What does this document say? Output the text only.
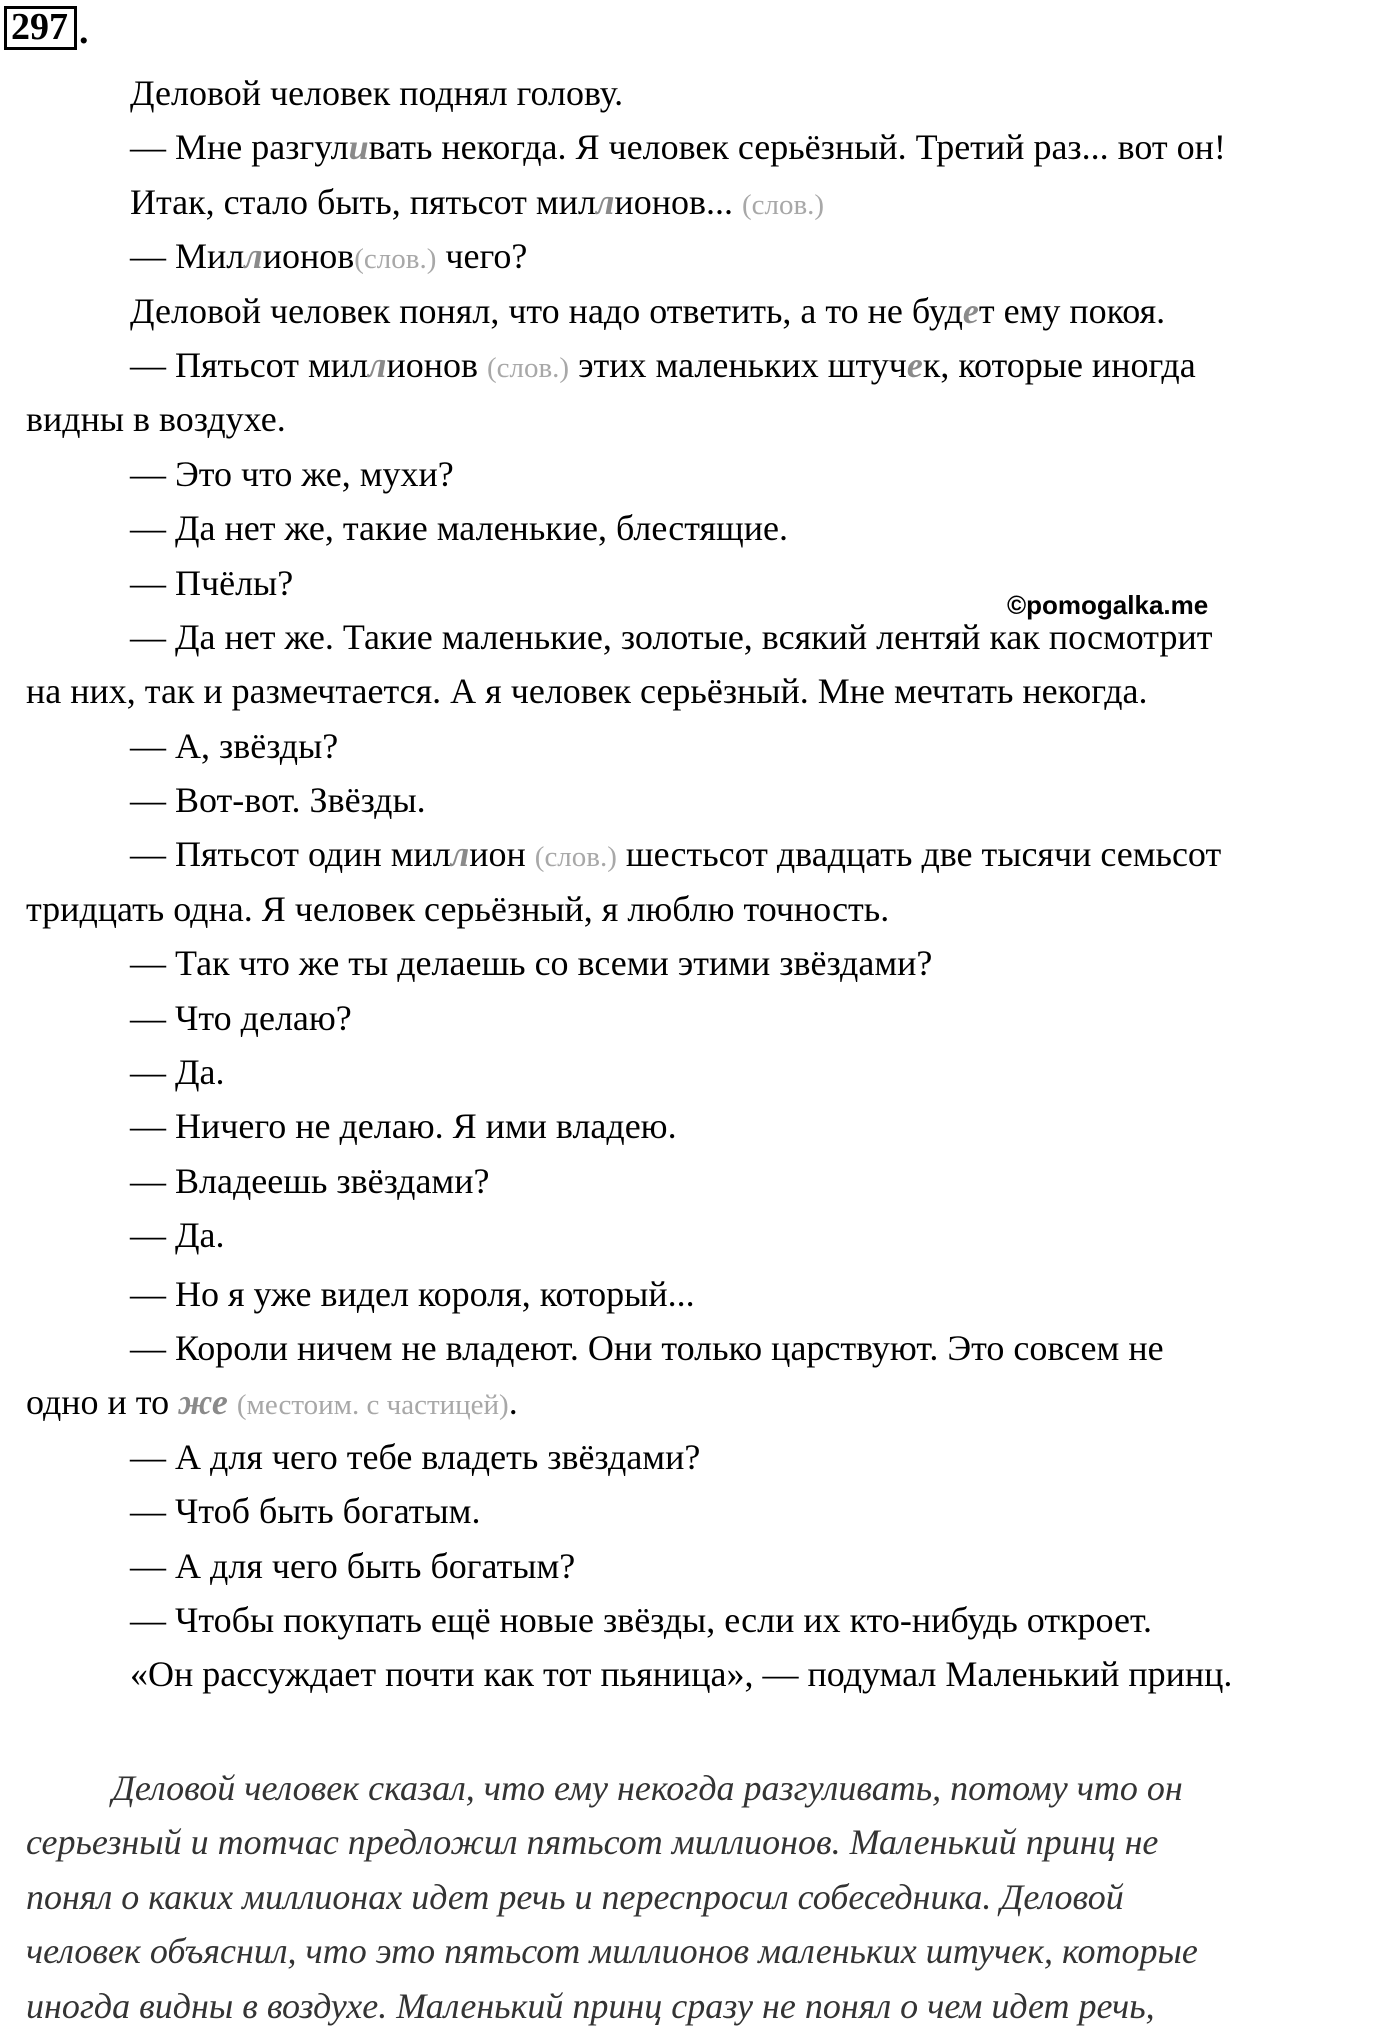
297 .
©pomogalka.me
Деловой человек поднял голову.
— Мне разгуливать некогда. Я человек серьёзный. Третий раз... вот он!
Итак, стало быть, пятьсот миллионов... (слов.)
— Миллионов(слов.) чего?
Деловой человек понял, что надо ответить, а то не будет ему покоя.
— Пятьсот миллионов (слов.) этих маленьких штучек, которые иногда
видны в воздухе.
— Это что же, мухи?
— Да нет же, такие маленькие, блестящие.
— Пчёлы?
— Да нет же. Такие маленькие, золотые, всякий лентяй как посмотрит
на них, так и размечтается. А я человек серьёзный. Мне мечтать некогда.
— А, звёзды?
— Вот-вот. Звёзды.
— Пятьсот один миллион (слов.) шестьсот двадцать две тысячи семьсот
тридцать одна. Я человек серьёзный, я люблю точность.
— Так что же ты делаешь со всеми этими звёздами?
— Что делаю?
— Да.
— Ничего не делаю. Я ими владею.
— Владеешь звёздами?
— Да.
— Но я уже видел короля, который...
— Короли ничем не владеют. Они только царствуют. Это совсем не
одно и то же (местоим. с частицей).
— А для чего тебе владеть звёздами?
— Чтоб быть богатым.
— А для чего быть богатым?
— Чтобы покупать ещё новые звёзды, если их кто-нибудь откроет.
«Он рассуждает почти как тот пьяница», — подумал Маленький принц.
Деловой человек сказал, что ему некогда разгуливать, потому что он
серьезный и тотчас предложил пятьсот миллионов. Маленький принц не
понял о каких миллионах идет речь и переспросил собеседника. Деловой
человек объяснил, что это пятьсот миллионов маленьких штучек, которые
иногда видны в воздухе. Маленький принц сразу не понял о чем идет речь,
